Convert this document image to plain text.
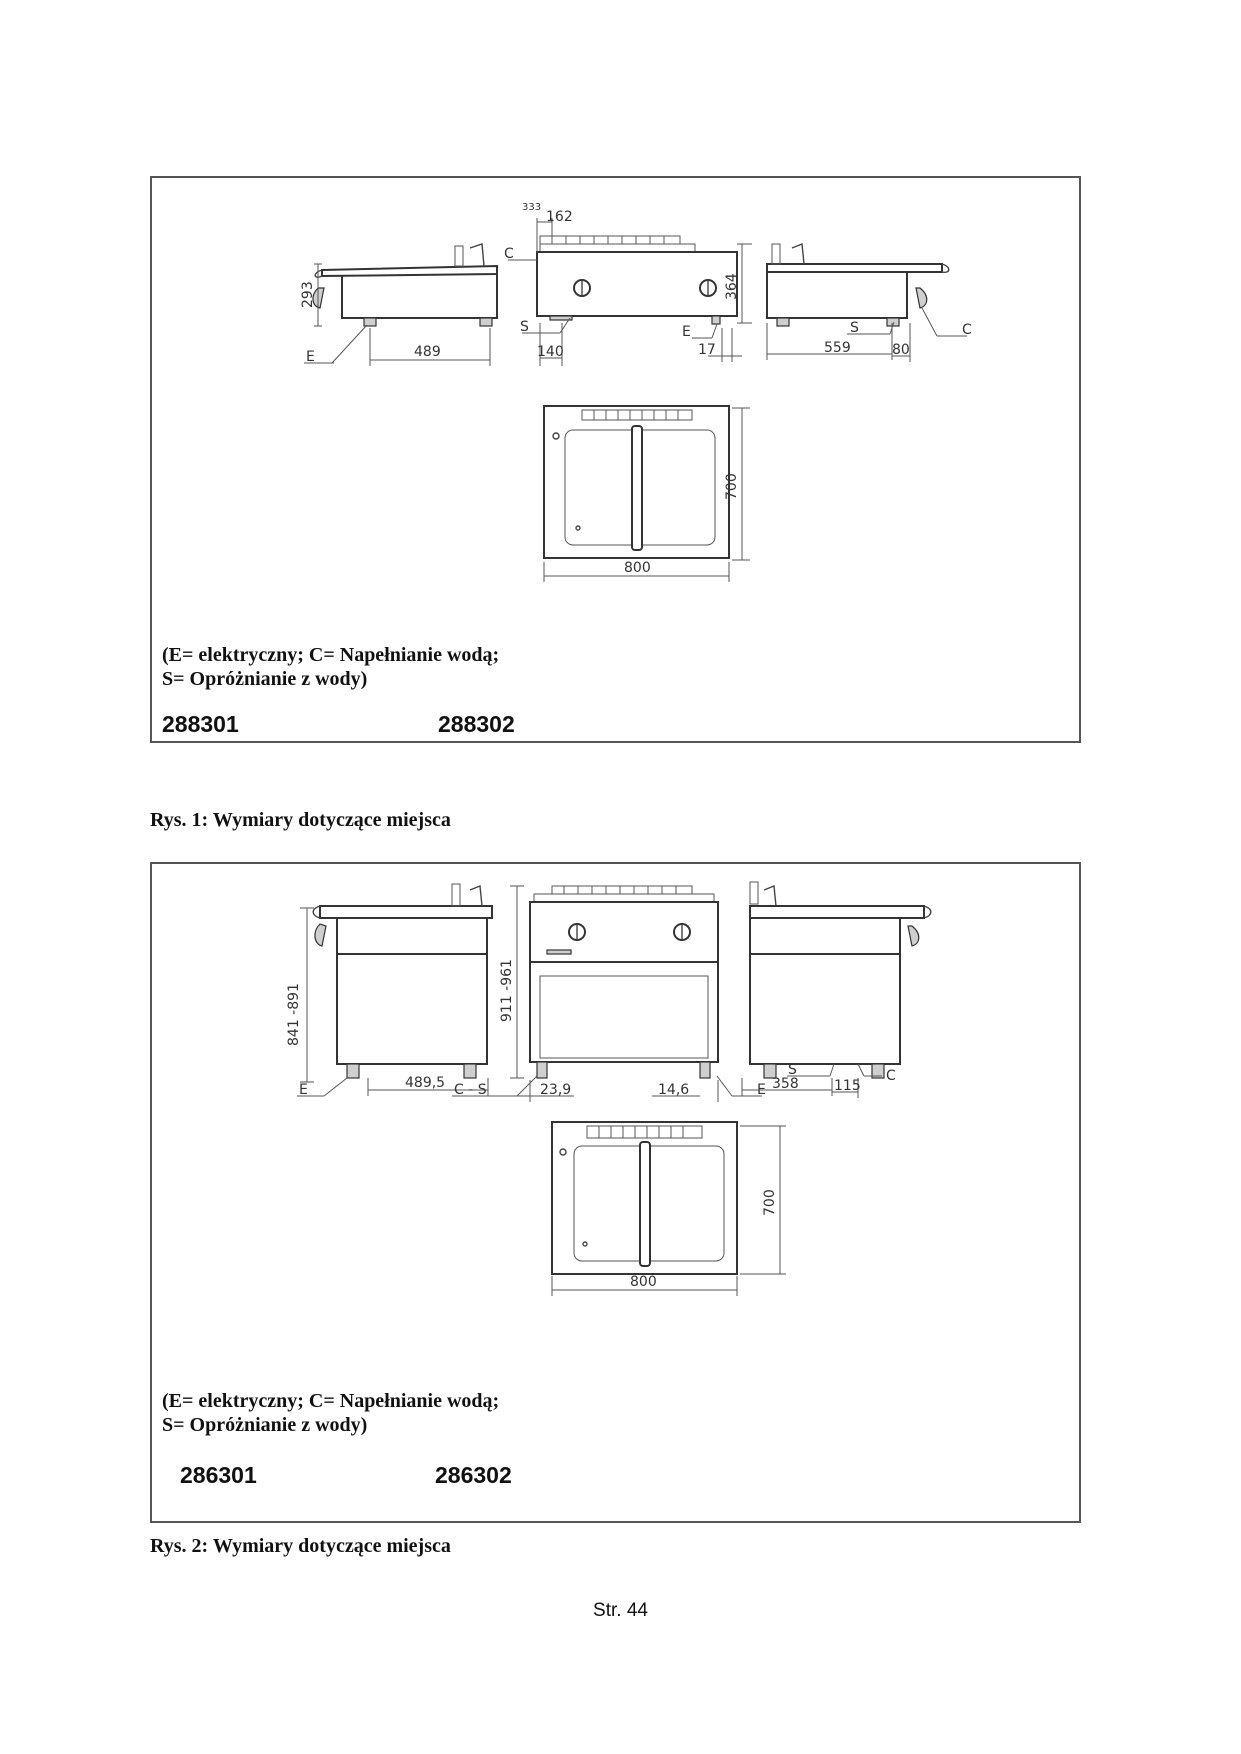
293
489
E
333
162
C
S
140
364
E
17	559
S
80
C
700
800
(E= elektryczny; C= Napełnianie wodą;
S= Opróżnianie z wody)
288301	288302
Rys. 1: Wymiary dotyczące miejsca
841 -891
489,5
E
911 -961
C - S	23,9	14,6	E 358
S
115
C
700
800
(E= elektryczny; C= Napełnianie wodą;
S= Opróżnianie z wody)
286301	286302
Rys. 2: Wymiary dotyczące miejsca
Str. 44
